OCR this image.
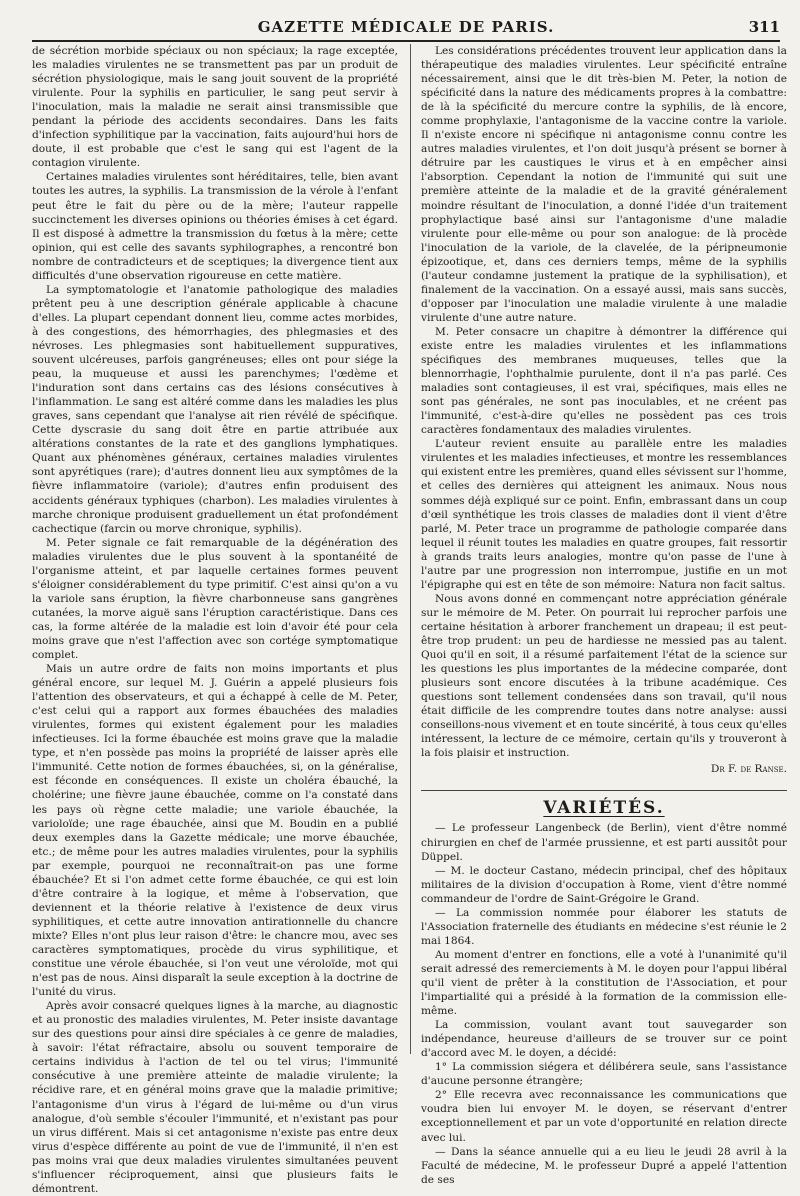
GAZETTE MÉDICALE DE PARIS.	311

de sécrétion morbide spéciaux ou non spéciaux; la rage exceptée, les maladies virulentes ne se transmettent pas par un produit de sécrétion physiologique, mais le sang jouit souvent de la propriété virulente. Pour la syphilis en particulier, le sang peut servir à l'inoculation, mais la maladie ne serait ainsi transmissible que pendant la période des accidents secondaires. Dans les faits d'infection syphilitique par la vaccination, faits aujourd'hui hors de doute, il est probable que c'est le sang qui est l'agent de la contagion virulente.

Certaines maladies virulentes sont héréditaires, telle, bien avant toutes les autres, la syphilis. La transmission de la vérole à l'enfant peut être le fait du père ou de la mère; l'auteur rappelle succinctement les diverses opinions ou théories émises à cet égard. Il est disposé à admettre la transmission du fœtus à la mère; cette opinion, qui est celle des savants syphilographes, a rencontré bon nombre de contradicteurs et de sceptiques; la divergence tient aux difficultés d'une observation rigoureuse en cette matière.

La symptomatologie et l'anatomie pathologique des maladies prêtent peu à une description générale applicable à chacune d'elles. La plupart cependant donnent lieu, comme actes morbides, à des congestions, des hémorrhagies, des phlegmasies et des névroses. Les phlegmasies sont habituellement suppuratives, souvent ulcéreuses, parfois gangréneuses; elles ont pour siége la peau, la muqueuse et aussi les parenchymes; l'œdème et l'induration sont dans certains cas des lésions consécutives à l'inflammation. Le sang est altéré comme dans les maladies les plus graves, sans cependant que l'analyse ait rien révélé de spécifique. Cette dyscrasie du sang doit être en partie attribuée aux altérations constantes de la rate et des ganglions lymphatiques. Quant aux phénomènes généraux, certaines maladies virulentes sont apyrétiques (rare); d'autres donnent lieu aux symptômes de la fièvre inflammatoire (variole); d'autres enfin produisent des accidents généraux typhiques (charbon). Les maladies virulentes à marche chronique produisent graduellement un état profondément cachectique (farcin ou morve chronique, syphilis).

M. Peter signale ce fait remarquable de la dégénération des maladies virulentes due le plus souvent à la spontanéité de l'organisme atteint, et par laquelle certaines formes peuvent s'éloigner considérablement du type primitif. C'est ainsi qu'on a vu la variole sans éruption, la fièvre charbonneuse sans gangrènes cutanées, la morve aiguë sans l'éruption caractéristique. Dans ces cas, la forme altérée de la maladie est loin d'avoir été pour cela moins grave que n'est l'affection avec son cortége symptomatique complet.

Mais un autre ordre de faits non moins importants et plus général encore, sur lequel M. J. Guérin a appelé plusieurs fois l'attention des observateurs, et qui a échappé à celle de M. Peter, c'est celui qui a rapport aux formes ébauchées des maladies virulentes, formes qui existent également pour les maladies infectieuses. Ici la forme ébauchée est moins grave que la maladie type, et n'en possède pas moins la propriété de laisser après elle l'immunité. Cette notion de formes ébauchées, si, on la généralise, est féconde en conséquences. Il existe un choléra ébauché, la cholérine; une fièvre jaune ébauchée, comme on l'a constaté dans les pays où règne cette maladie; une variole ébauchée, la varioloïde; une rage ébauchée, ainsi que M. Boudin en a publié deux exemples dans la Gazette médicale; une morve ébauchée, etc.; de même pour les autres maladies virulentes, pour la syphilis par exemple, pourquoi ne reconnaîtrait-on pas une forme ébauchée? Et si l'on admet cette forme ébauchée, ce qui est loin d'être contraire à la logique, et même à l'observation, que deviennent et la théorie relative à l'existence de deux virus syphilitiques, et cette autre innovation antirationnelle du chancre mixte? Elles n'ont plus leur raison d'être: le chancre mou, avec ses caractères symptomatiques, procède du virus syphilitique, et constitue une vérole ébauchée, si l'on veut une véroloïde, mot qui n'est pas de nous. Ainsi disparaît la seule exception à la doctrine de l'unité du virus.

Après avoir consacré quelques lignes à la marche, au diagnostic et au pronostic des maladies virulentes, M. Peter insiste davantage sur des questions pour ainsi dire spéciales à ce genre de maladies, à savoir: l'état réfractaire, absolu ou souvent temporaire de certains individus à l'action de tel ou tel virus; l'immunité consécutive à une première atteinte de maladie virulente; la récidive rare, et en général moins grave que la maladie primitive; l'antagonisme d'un virus à l'égard de lui-même ou d'un virus analogue, d'où semble s'écouler l'immunité, et n'existant pas pour un virus différent. Mais si cet antagonisme n'existe pas entre deux virus d'espèce différente au point de vue de l'immunité, il n'en est pas moins vrai que deux maladies virulentes simultanées peuvent s'influencer réciproquement, ainsi que plusieurs faits le démontrent.

Les considérations précédentes trouvent leur application dans la thérapeutique des maladies virulentes. Leur spécificité entraîne nécessairement, ainsi que le dit très-bien M. Peter, la notion de spécificité dans la nature des médicaments propres à la combattre: de là la spécificité du mercure contre la syphilis, de là encore, comme prophylaxie, l'antagonisme de la vaccine contre la variole. Il n'existe encore ni spécifique ni antagonisme connu contre les autres maladies virulentes, et l'on doit jusqu'à présent se borner à détruire par les caustiques le virus et à en empêcher ainsi l'absorption. Cependant la notion de l'immunité qui suit une première atteinte de la maladie et de la gravité généralement moindre résultant de l'inoculation, a donné l'idée d'un traitement prophylactique basé ainsi sur l'antagonisme d'une maladie virulente pour elle-même ou pour son analogue: de là procède l'inoculation de la variole, de la clavelée, de la péripneumonie épizootique, et, dans ces derniers temps, même de la syphilis (l'auteur condamne justement la pratique de la syphilisation), et finalement de la vaccination. On a essayé aussi, mais sans succès, d'opposer par l'inoculation une maladie virulente à une maladie virulente d'une autre nature.

M. Peter consacre un chapitre à démontrer la différence qui existe entre les maladies virulentes et les inflammations spécifiques des membranes muqueuses, telles que la blennorrhagie, l'ophthalmie purulente, dont il n'a pas parlé. Ces maladies sont contagieuses, il est vrai, spécifiques, mais elles ne sont pas générales, ne sont pas inoculables, et ne créent pas l'immunité, c'est-à-dire qu'elles ne possèdent pas ces trois caractères fondamentaux des maladies virulentes.

L'auteur revient ensuite au parallèle entre les maladies virulentes et les maladies infectieuses, et montre les ressemblances qui existent entre les premières, quand elles sévissent sur l'homme, et celles des dernières qui atteignent les animaux. Nous nous sommes déjà expliqué sur ce point. Enfin, embrassant dans un coup d'œil synthétique les trois classes de maladies dont il vient d'être parlé, M. Peter trace un programme de pathologie comparée dans lequel il réunit toutes les maladies en quatre groupes, fait ressortir à grands traits leurs analogies, montre qu'on passe de l'une à l'autre par une progression non interrompue, justifie en un mot l'épigraphe qui est en tête de son mémoire: Natura non facit saltus.

Nous avons donné en commençant notre appréciation générale sur le mémoire de M. Peter. On pourrait lui reprocher parfois une certaine hésitation à arborer franchement un drapeau; il est peut-être trop prudent: un peu de hardiesse ne messied pas au talent. Quoi qu'il en soit, il a résumé parfaitement l'état de la science sur les questions les plus importantes de la médecine comparée, dont plusieurs sont encore discutées à la tribune académique. Ces questions sont tellement condensées dans son travail, qu'il nous était difficile de les comprendre toutes dans notre analyse: aussi conseillons-nous vivement et en toute sincérité, à tous ceux qu'elles intéressent, la lecture de ce mémoire, certain qu'ils y trouveront à la fois plaisir et instruction.

Dr F. de Ranse.
VARIÉTÉS.

— Le professeur Langenbeck (de Berlin), vient d'être nommé chirurgien en chef de l'armée prussienne, et est parti aussitôt pour Düppel.

— M. le docteur Castano, médecin principal, chef des hôpitaux militaires de la division d'occupation à Rome, vient d'être nommé commandeur de l'ordre de Saint-Grégoire le Grand.

— La commission nommée pour élaborer les statuts de l'Association fraternelle des étudiants en médecine s'est réunie le 2 mai 1864.

Au moment d'entrer en fonctions, elle a voté à l'unanimité qu'il serait adressé des remerciements à M. le doyen pour l'appui libéral qu'il vient de prêter à la constitution de l'Association, et pour l'impartialité qui a présidé à la formation de la commission elle-même.

La commission, voulant avant tout sauvegarder son indépendance, heureuse d'ailleurs de se trouver sur ce point d'accord avec M. le doyen, a décidé:

1° La commission siégera et délibérera seule, sans l'assistance d'aucune personne étrangère;

2° Elle recevra avec reconnaissance les communications que voudra bien lui envoyer M. le doyen, se réservant d'entrer exceptionnellement et par un vote d'opportunité en relation directe avec lui.

— Dans la séance annuelle qui a eu lieu le jeudi 28 avril à la Faculté de médecine, M. le professeur Dupré a appelé l'attention de ses
